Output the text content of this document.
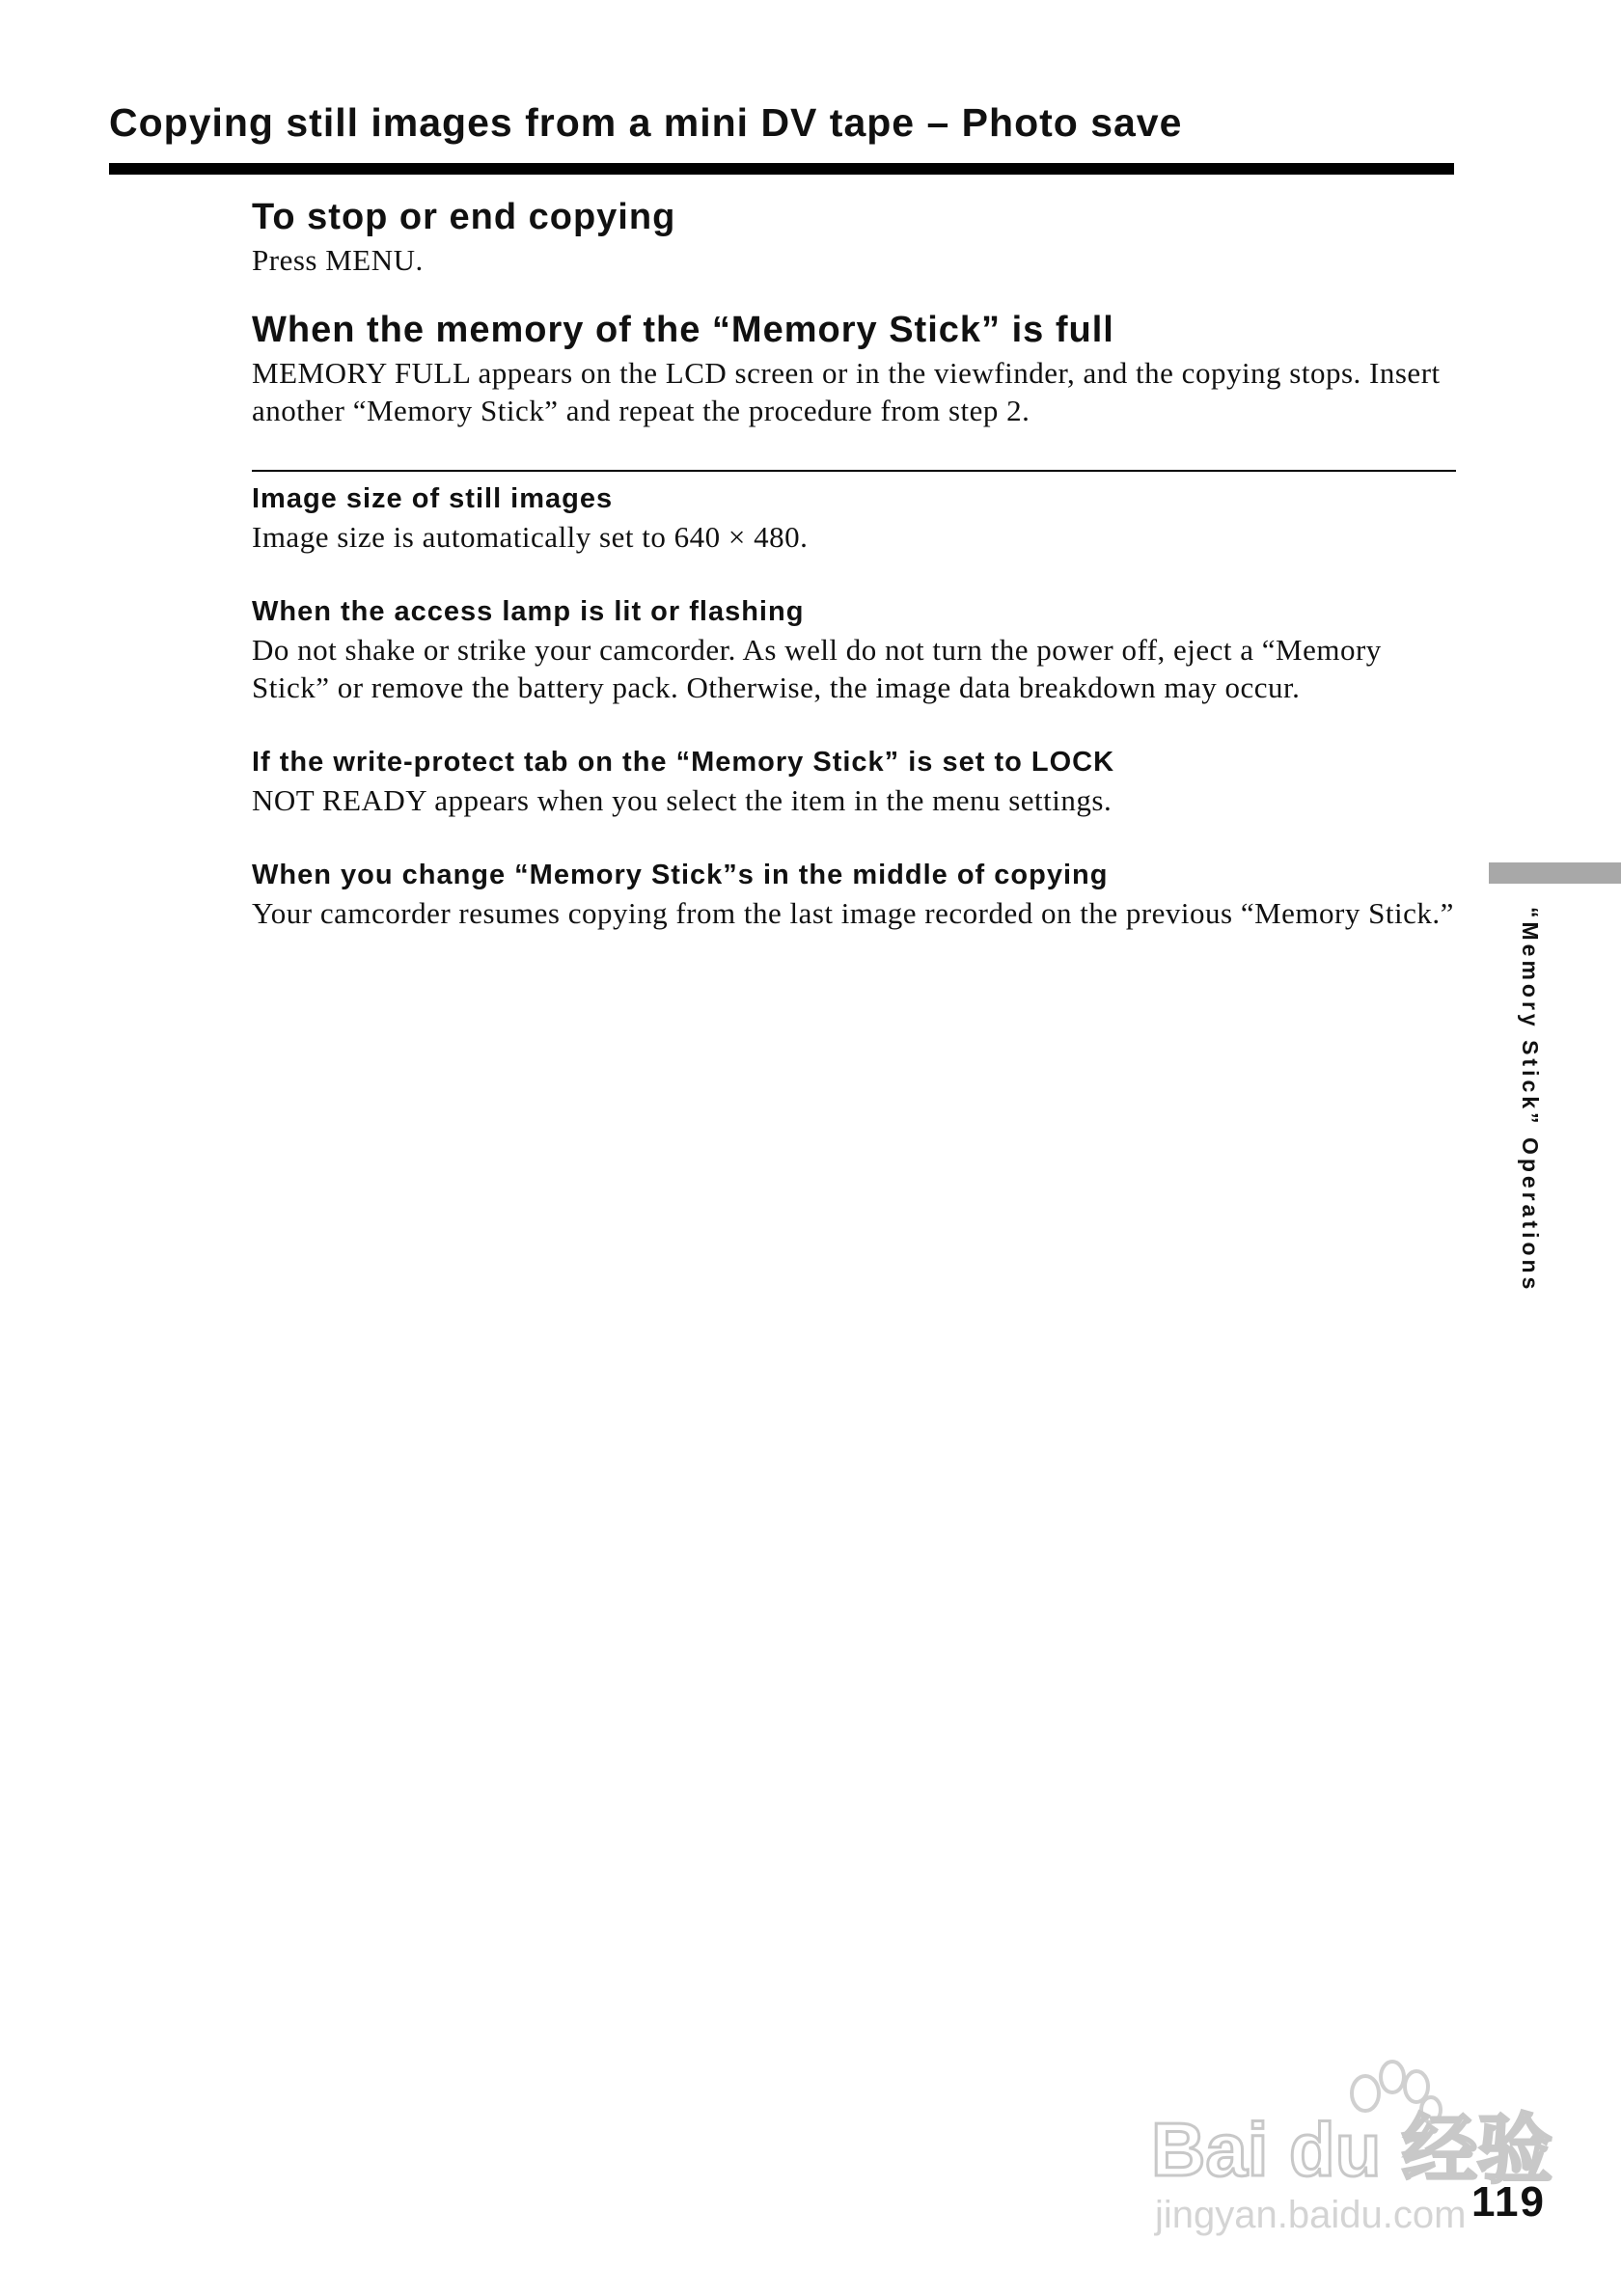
Copying still images from a mini DV tape – Photo save
To stop or end copying

Press MENU.

When the memory of the “Memory Stick” is full

MEMORY FULL appears on the LCD screen or in the viewfinder, and the copying stops. Insert another “Memory Stick” and repeat the procedure from step 2.

Image size of still images

Image size is automatically set to 640 × 480.

When the access lamp is lit or flashing

Do not shake or strike your camcorder. As well do not turn the power off, eject a “Memory Stick” or remove the battery pack. Otherwise, the image data breakdown may occur.

If the write-protect tab on the “Memory Stick” is set to LOCK

NOT READY appears when you select the item in the menu settings.

When you change “Memory Stick”s in the middle of copying

Your camcorder resumes copying from the last image recorded on the previous “Memory Stick.”	“Memory Stick” Operations
Bai du 经验
jingyan.baidu.com 119
